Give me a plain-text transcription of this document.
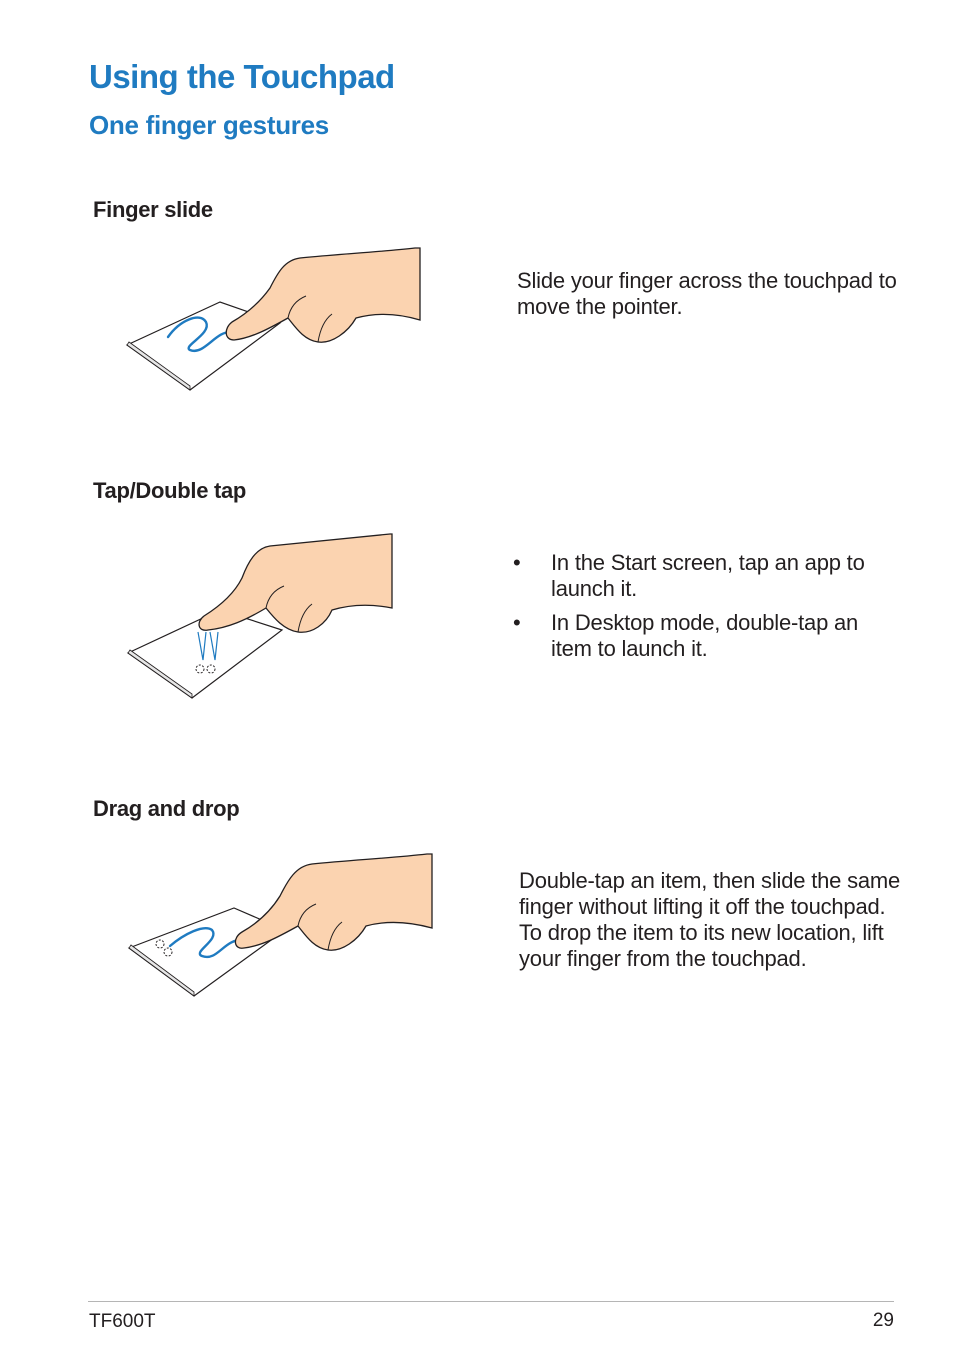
Using the Touchpad
One finger gestures
Finger slide

Slide your finger across the touchpad to move the pointer.

Tap/Double tap
• In the Start screen, tap an app to launch it.
• In Desktop mode, double-tap an item to launch it.
Drag and drop

Double-tap an item, then slide the same finger without lifting it off the touchpad. To drop the item to its new location, lift your finger from the touchpad.

TF600T	29
